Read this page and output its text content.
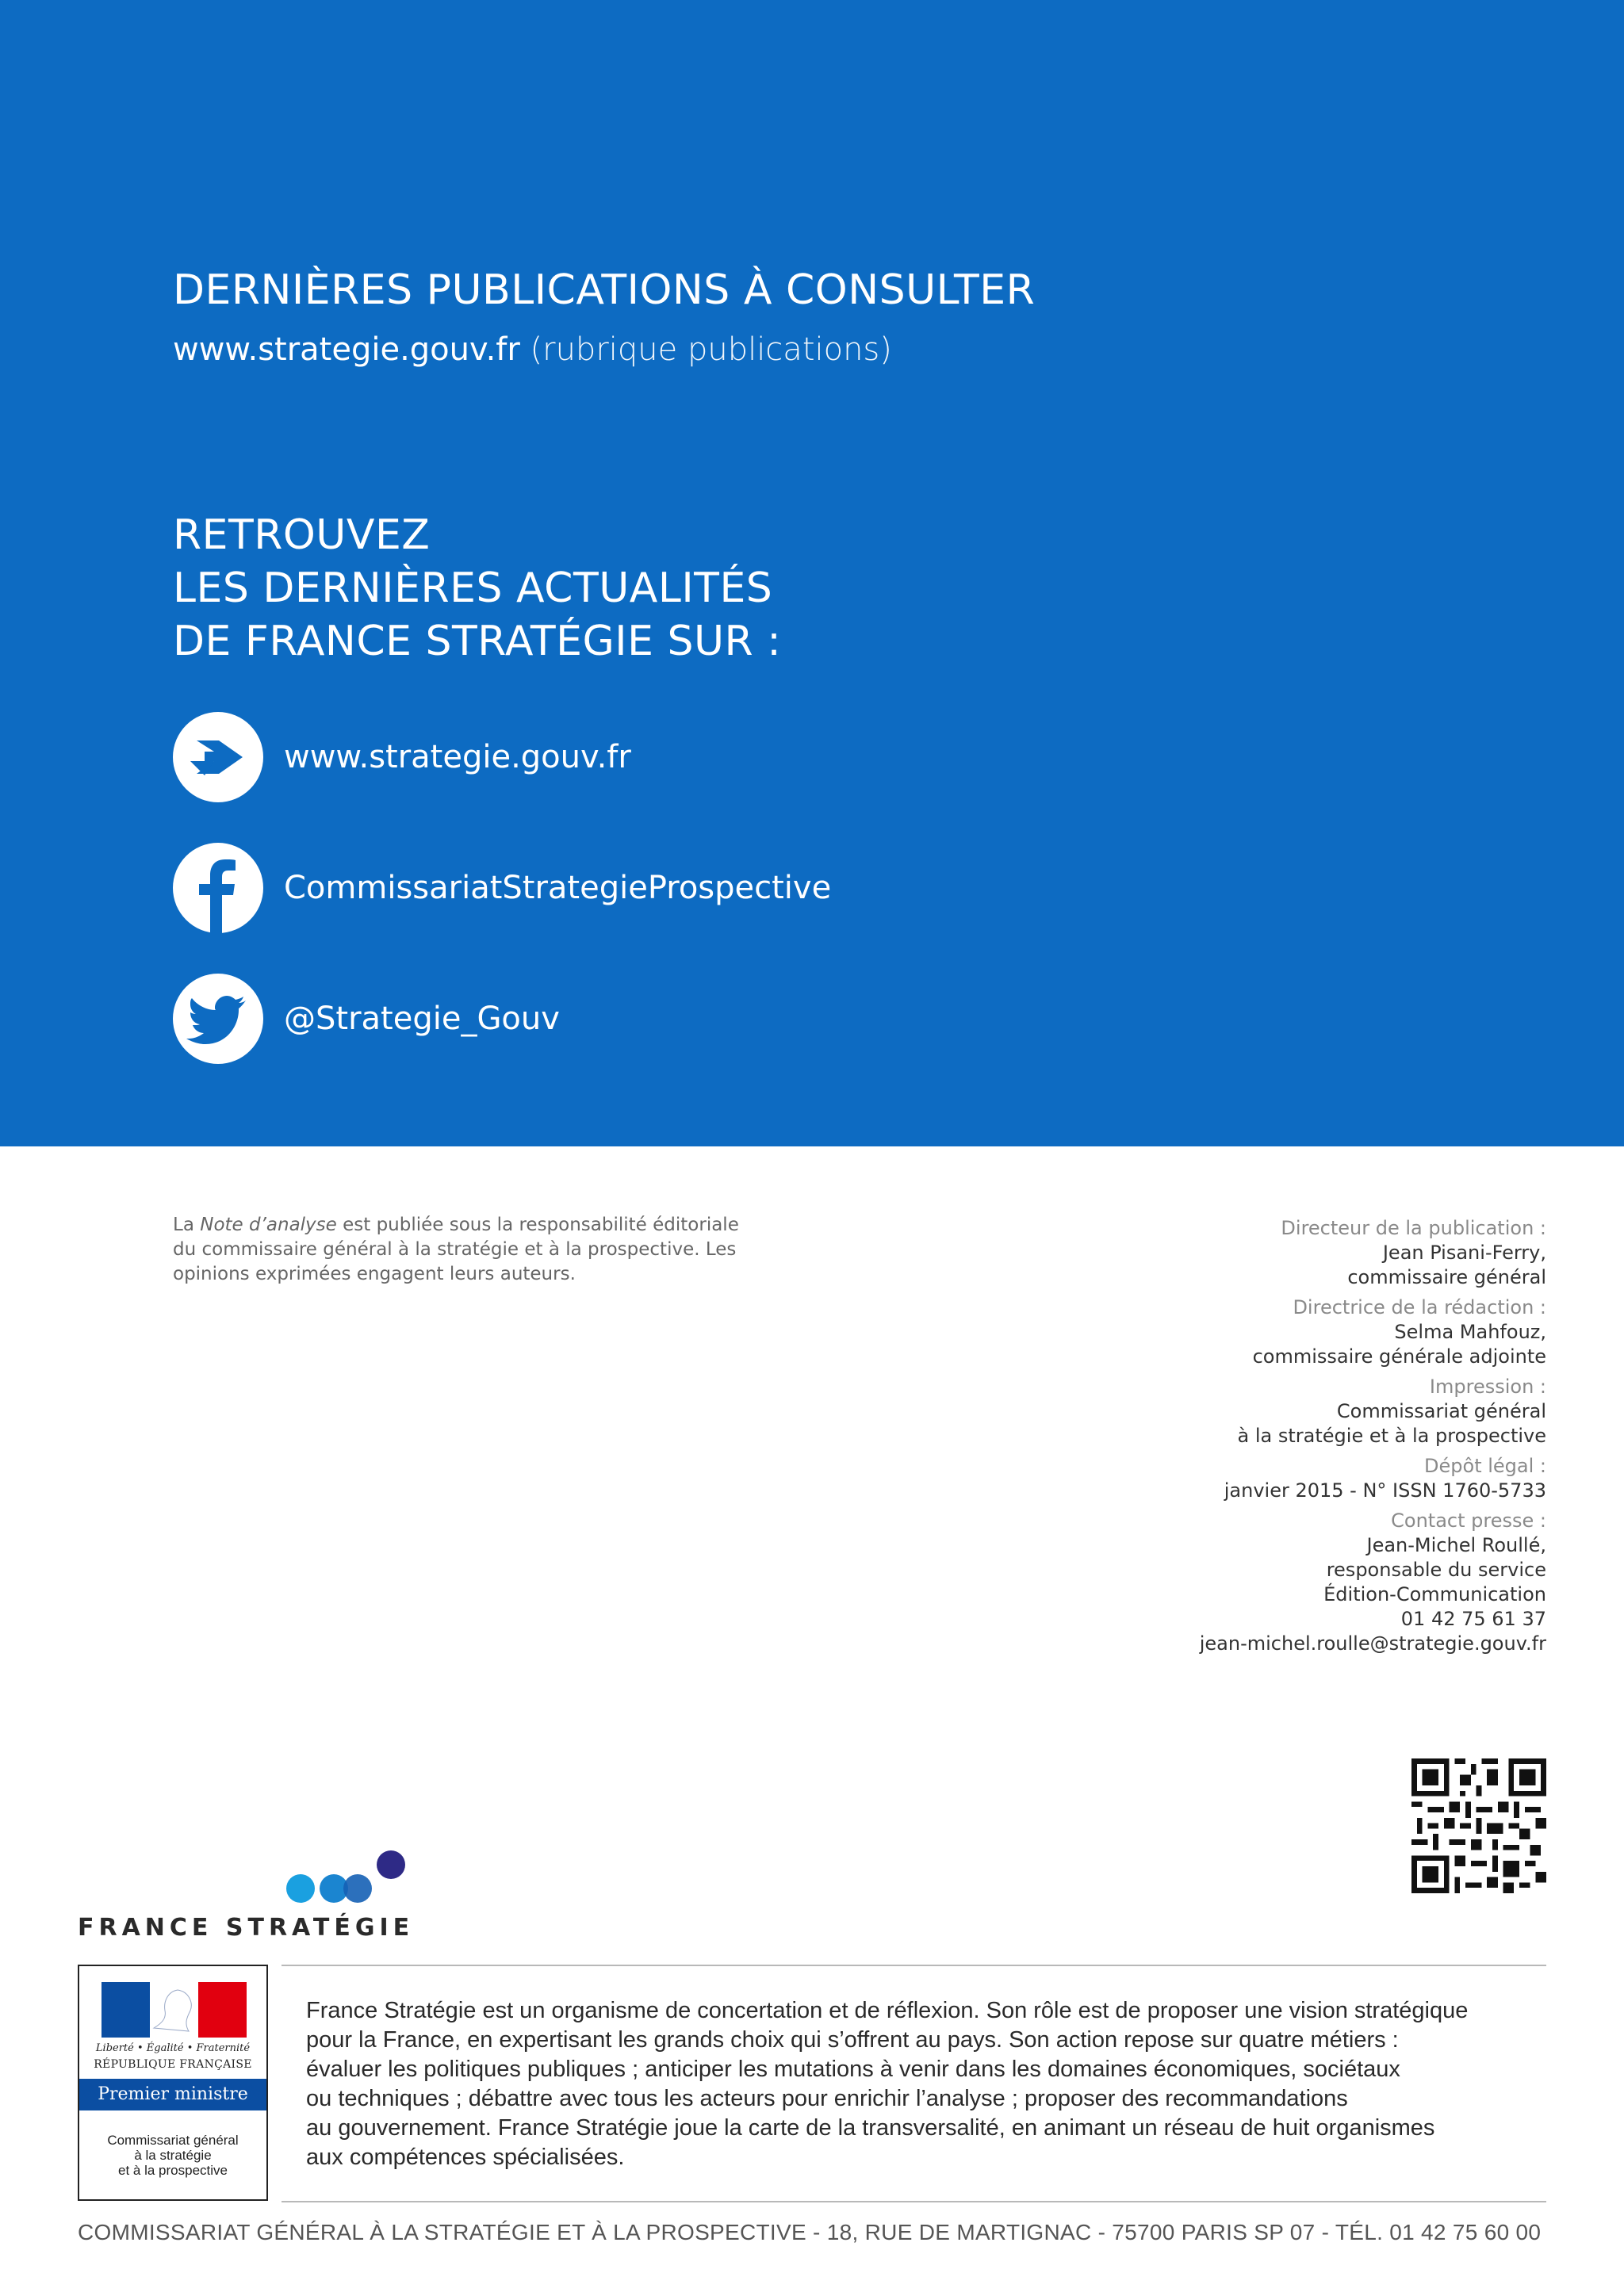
DERNIÈRES PUBLICATIONS À CONSULTER
www.strategie.gouv.fr (rubrique publications)
RETROUVEZ
LES DERNIÈRES ACTUALITÉS
DE FRANCE STRATÉGIE SUR :
www.strategie.gouv.fr
CommissariatStrategieProspective
@Strategie_Gouv
La Note d’analyse est publiée sous la responsabilité éditoriale du commissaire général à la stratégie et à la prospective. Les opinions exprimées engagent leurs auteurs.
Directeur de la publication :
Jean Pisani-Ferry,
commissaire général
Directrice de la rédaction :
Selma Mahfouz,
commissaire générale adjointe
Impression :
Commissariat général
à la stratégie et à la prospective
Dépôt légal :
janvier 2015 - N° ISSN 1760-5733
Contact presse :
Jean-Michel Roullé,
responsable du service
Édition-Communication
01 42 75 61 37
jean-michel.roulle@strategie.gouv.fr
FRANCE STRATÉGIE
Liberté • Égalité • Fraternité
RÉPUBLIQUE FRANÇAISE
Premier ministre
Commissariat général
à la stratégie
et à la prospective
France Stratégie est un organisme de concertation et de réflexion. Son rôle est de proposer une vision stratégique
pour la France, en expertisant les grands choix qui s’offrent au pays. Son action repose sur quatre métiers :
évaluer les politiques publiques ; anticiper les mutations à venir dans les domaines économiques, sociétaux
ou techniques ; débattre avec tous les acteurs pour enrichir l’analyse ; proposer des recommandations
au gouvernement. France Stratégie joue la carte de la transversalité, en animant un réseau de huit organismes
aux compétences spécialisées.
COMMISSARIAT GÉNÉRAL À LA STRATÉGIE ET À LA PROSPECTIVE - 18, RUE DE MARTIGNAC - 75700 PARIS SP 07 - TÉL. 01 42 75 60 00
